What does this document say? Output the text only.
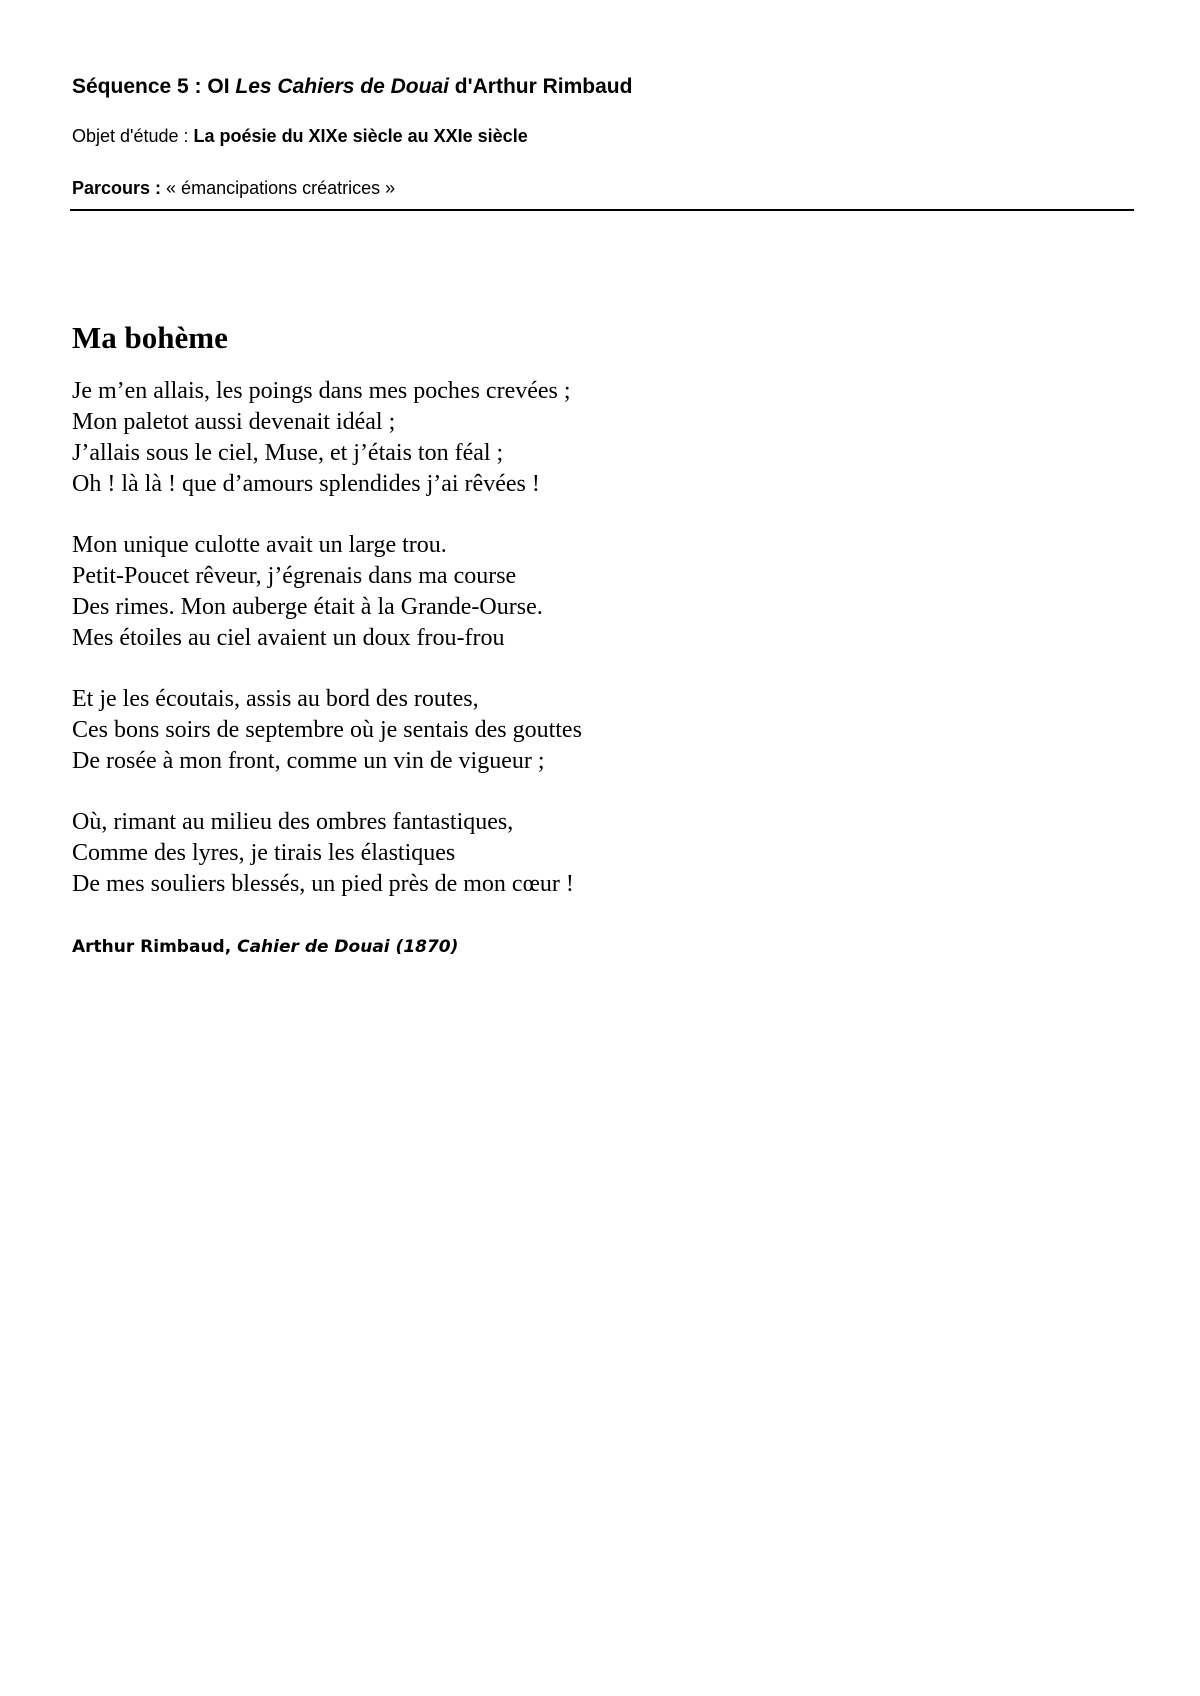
Séquence 5 : OI Les Cahiers de Douai d'Arthur Rimbaud
Objet d'étude : La poésie du XIXe siècle au XXIe siècle
Parcours : « émancipations créatrices »
Ma bohème
Je m’en allais, les poings dans mes poches crevées ;
Mon paletot aussi devenait idéal ;
J’allais sous le ciel, Muse, et j’étais ton féal ;
Oh ! là là ! que d’amours splendides j’ai rêvées !
Mon unique culotte avait un large trou.
Petit-Poucet rêveur, j’égrenais dans ma course
Des rimes. Mon auberge était à la Grande-Ourse.
Mes étoiles au ciel avaient un doux frou-frou
Et je les écoutais, assis au bord des routes,
Ces bons soirs de septembre où je sentais des gouttes
De rosée à mon front, comme un vin de vigueur ;
Où, rimant au milieu des ombres fantastiques,
Comme des lyres, je tirais les élastiques
De mes souliers blessés, un pied près de mon cœur !
Arthur Rimbaud, Cahier de Douai (1870)
